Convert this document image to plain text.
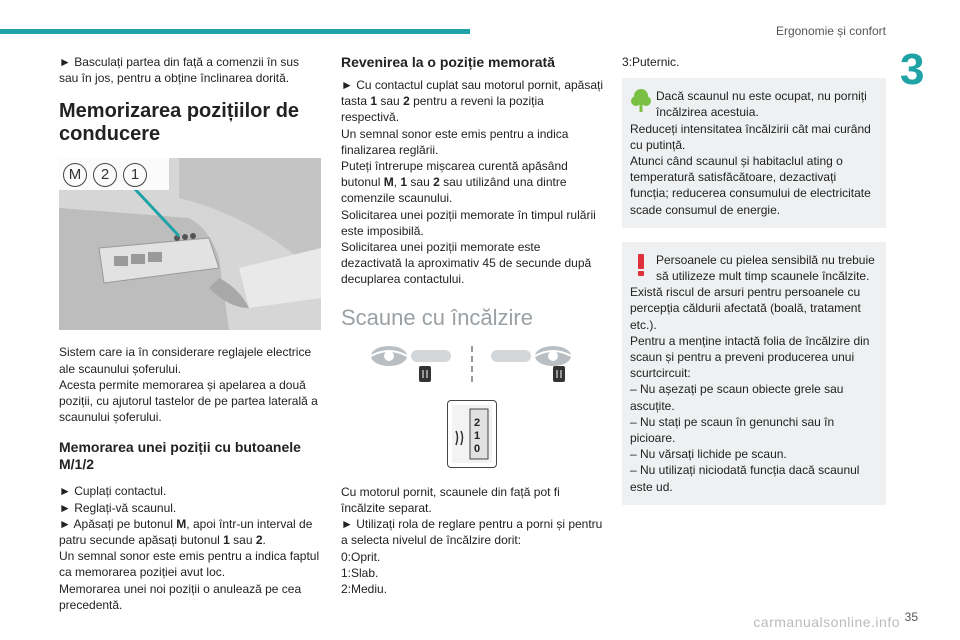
Ergonomie și confort
3

► Basculați partea din față a comenzii în sus sau în jos, pentru a obține înclinarea dorită.

Memorizarea pozițiilor de conducere
M	2	1

Sistem care ia în considerare reglajele electrice ale scaunului șoferului.

Acesta permite memorarea și apelarea a două poziții, cu ajutorul tastelor de pe partea laterală a scaunului șoferului.

Memorarea unei poziții cu butoanele M/1/2

► Cuplați contactul.

► Reglați-vă scaunul.

► Apăsați pe butonul M, apoi într-un interval de patru secunde apăsați butonul 1 sau 2.

Un semnal sonor este emis pentru a indica faptul ca memorarea poziției avut loc.

Memorarea unei noi poziții o anulează pe cea precedentă.

Revenirea la o poziție memorată

► Cu contactul cuplat sau motorul pornit, apăsați tasta 1 sau 2 pentru a reveni la poziția respectivă.

Un semnal sonor este emis pentru a indica finalizarea reglării.

Puteți întrerupe mișcarea curentă apăsând butonul M, 1 sau 2 sau utilizând una dintre comenzile scaunului.

Solicitarea unei poziții memorate în timpul rulării este imposibilă.

Solicitarea unei poziții memorate este dezactivată la aproximativ 45 de secunde după decuplarea contactului.

Scaune cu încălzire
2
1
0

Cu motorul pornit, scaunele din față pot fi încălzite separat.

► Utilizați rola de reglare pentru a porni și pentru a selecta nivelul de încălzire dorit:

0:Oprit.

1:Slab.

2:Mediu.

3:Puternic.

Dacă scaunul nu este ocupat, nu porniți încălzirea acestuia.

Reduceți intensitatea încălzirii cât mai curând cu putință.

Atunci când scaunul și habitaclul ating o temperatură satisfăcătoare, dezactivați funcția; reducerea consumului de electricitate scade consumul de energie.

Persoanele cu pielea sensibilă nu trebuie să utilizeze mult timp scaunele încălzite.

Există riscul de arsuri pentru persoanele cu percepția căldurii afectată (boală, tratament etc.).

Pentru a menține intactă folia de încălzire din scaun și pentru a preveni producerea unui scurtcircuit:

– Nu așezați pe scaun obiecte grele sau ascuțite.

– Nu stați pe scaun în genunchi sau în picioare.

– Nu vărsați lichide pe scaun.

– Nu utilizați niciodată funcția dacă scaunul este ud.

carmanualsonline.info 35
